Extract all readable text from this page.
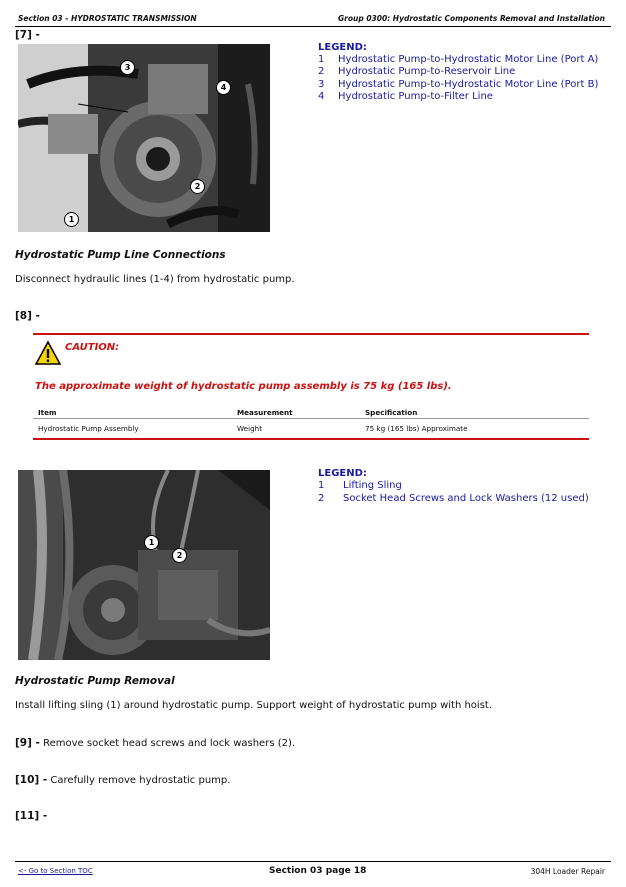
Section 03 - HYDROSTATIC TRANSMISSION	Group 0300: Hydrostatic Components Removal and Installation
[7] -
3
4
2
1
LEGEND:
1 Hydrostatic Pump-to-Hydrostatic Motor Line (Port A)
2 Hydrostatic Pump-to-Reservoir Line
3 Hydrostatic Pump-to-Hydrostatic Motor Line (Port B)
4 Hydrostatic Pump-to-Filter Line
Hydrostatic Pump Line Connections
Disconnect hydraulic lines (1-4) from hydrostatic pump.
[8] -
CAUTION:
The approximate weight of hydrostatic pump assembly is 75 kg (165 lbs).
Item	Measurement	Specification
Hydrostatic Pump Assembly	Weight	75 kg (165 lbs) Approximate
1
2
LEGEND:
1 Lifting Sling
2 Socket Head Screws and Lock Washers (12 used)
Hydrostatic Pump Removal
Install lifting sling (1) around hydrostatic pump. Support weight of hydrostatic pump with hoist.
[9] - Remove socket head screws and lock washers (2).
[10] - Carefully remove hydrostatic pump.
[11] -
<- Go to Section TOC	Section 03 page 18	304H Loader Repair
